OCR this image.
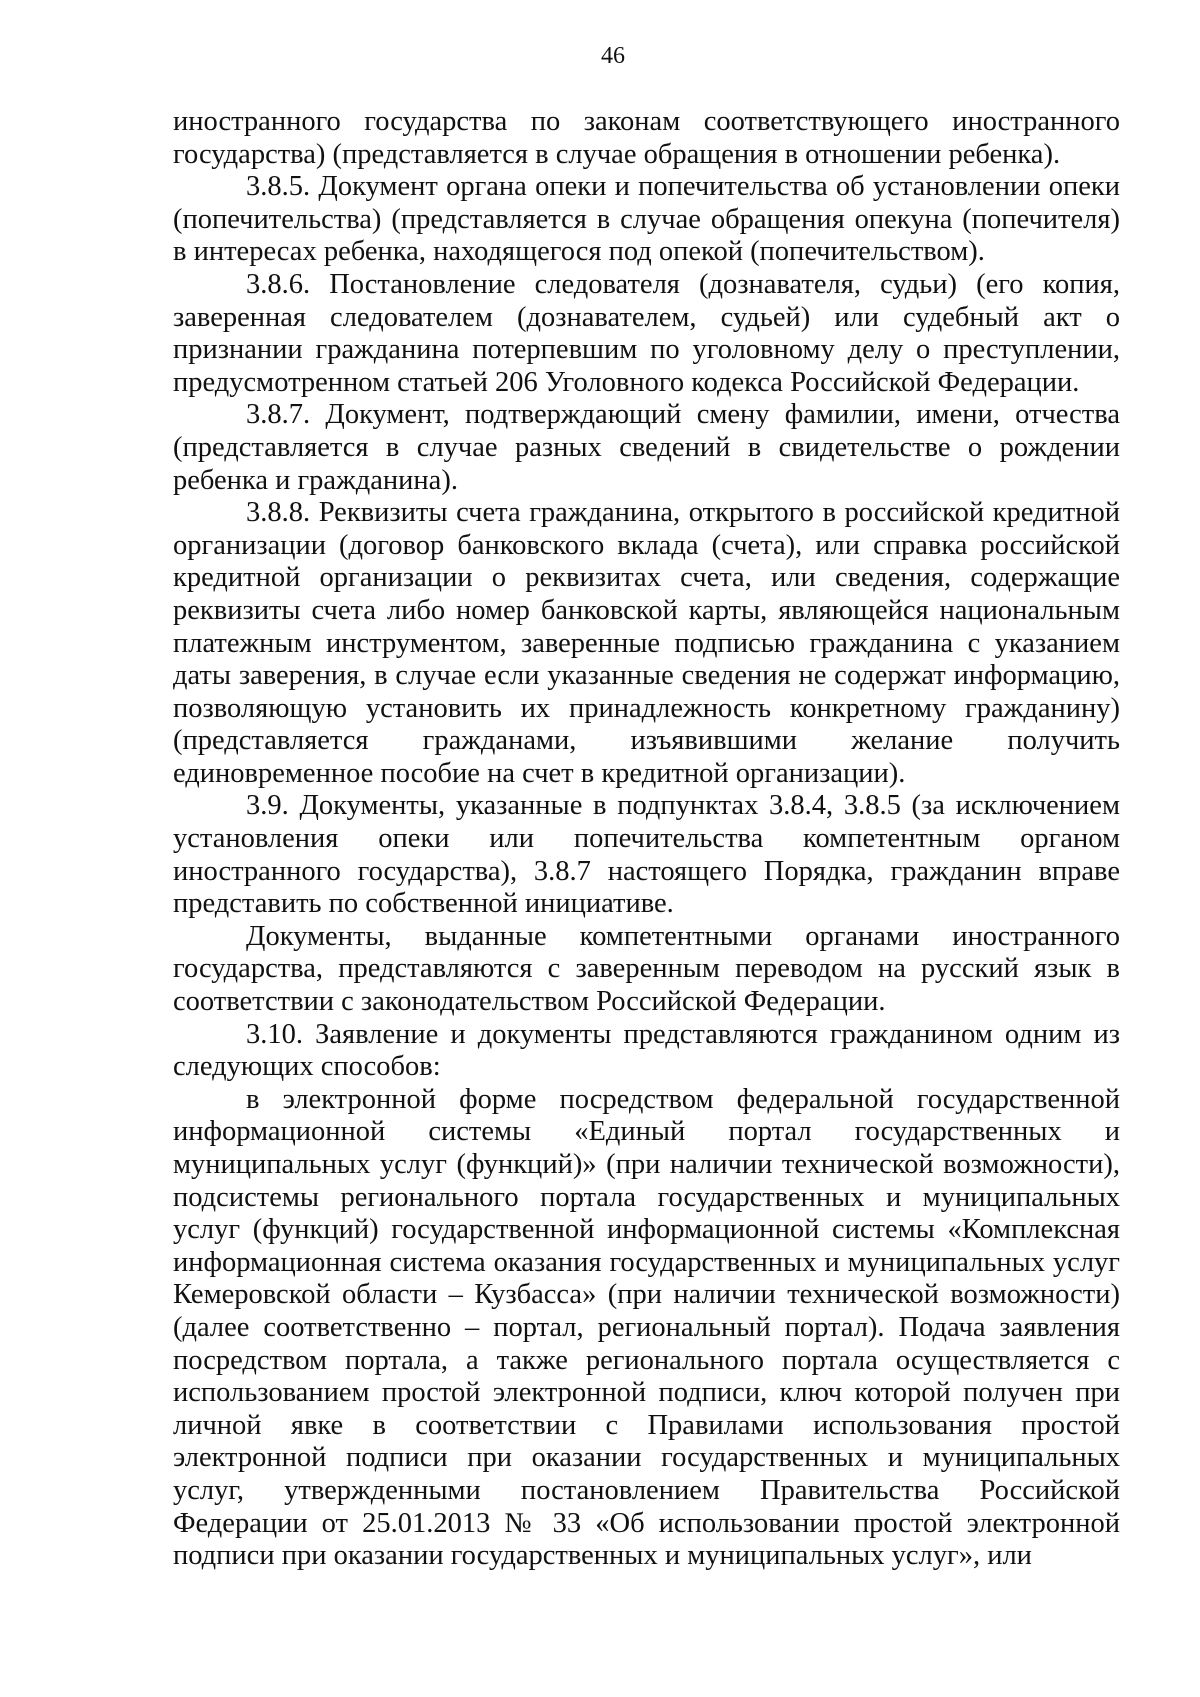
46

иностранного государства по законам соответствующего иностранного государства) (представляется в случае обращения в отношении ребенка).

3.8.5. Документ органа опеки и попечительства об установлении опеки (попечительства) (представляется в случае обращения опекуна (попечителя) в интересах ребенка, находящегося под опекой (попечительством).

3.8.6. Постановление следователя (дознавателя, судьи) (его копия, заверенная следователем (дознавателем, судьей) или судебный акт о признании гражданина потерпевшим по уголовному делу о преступлении, предусмотренном статьей 206 Уголовного кодекса Российской Федерации.

3.8.7. Документ, подтверждающий смену фамилии, имени, отчества (представляется в случае разных сведений в свидетельстве о рождении ребенка и гражданина).

3.8.8. Реквизиты счета гражданина, открытого в российской кредитной организации (договор банковского вклада (счета), или справка российской кредитной организации о реквизитах счета, или сведения, содержащие реквизиты счета либо номер банковской карты, являющейся национальным платежным инструментом, заверенные подписью гражданина с указанием даты заверения, в случае если указанные сведения не содержат информацию, позволяющую установить их принадлежность конкретному гражданину) (представляется гражданами, изъявившими желание получить единовременное пособие на счет в кредитной организации).

3.9. Документы, указанные в подпунктах 3.8.4, 3.8.5 (за исключением установления опеки или попечительства компетентным органом иностранного государства), 3.8.7 настоящего Порядка, гражданин вправе представить по собственной инициативе.

Документы, выданные компетентными органами иностранного государства, представляются с заверенным переводом на русский язык в соответствии с законодательством Российской Федерации.

3.10. Заявление и документы представляются гражданином одним из следующих способов:

в электронной форме посредством федеральной государственной информационной системы «Единый портал государственных и муниципальных услуг (функций)» (при наличии технической возможности), подсистемы регионального портала государственных и муниципальных услуг (функций) государственной информационной системы «Комплексная информационная система оказания государственных и муниципальных услуг Кемеровской области – Кузбасса» (при наличии технической возможности) (далее соответственно – портал, региональный портал). Подача заявления посредством портала, а также регионального портала осуществляется с использованием простой электронной подписи, ключ которой получен при личной явке в соответствии с Правилами использования простой электронной подписи при оказании государственных и муниципальных услуг, утвержденными постановлением Правительства Российской Федерации от 25.01.2013 № 33 «Об использовании простой электронной подписи при оказании государственных и муниципальных услуг», или
